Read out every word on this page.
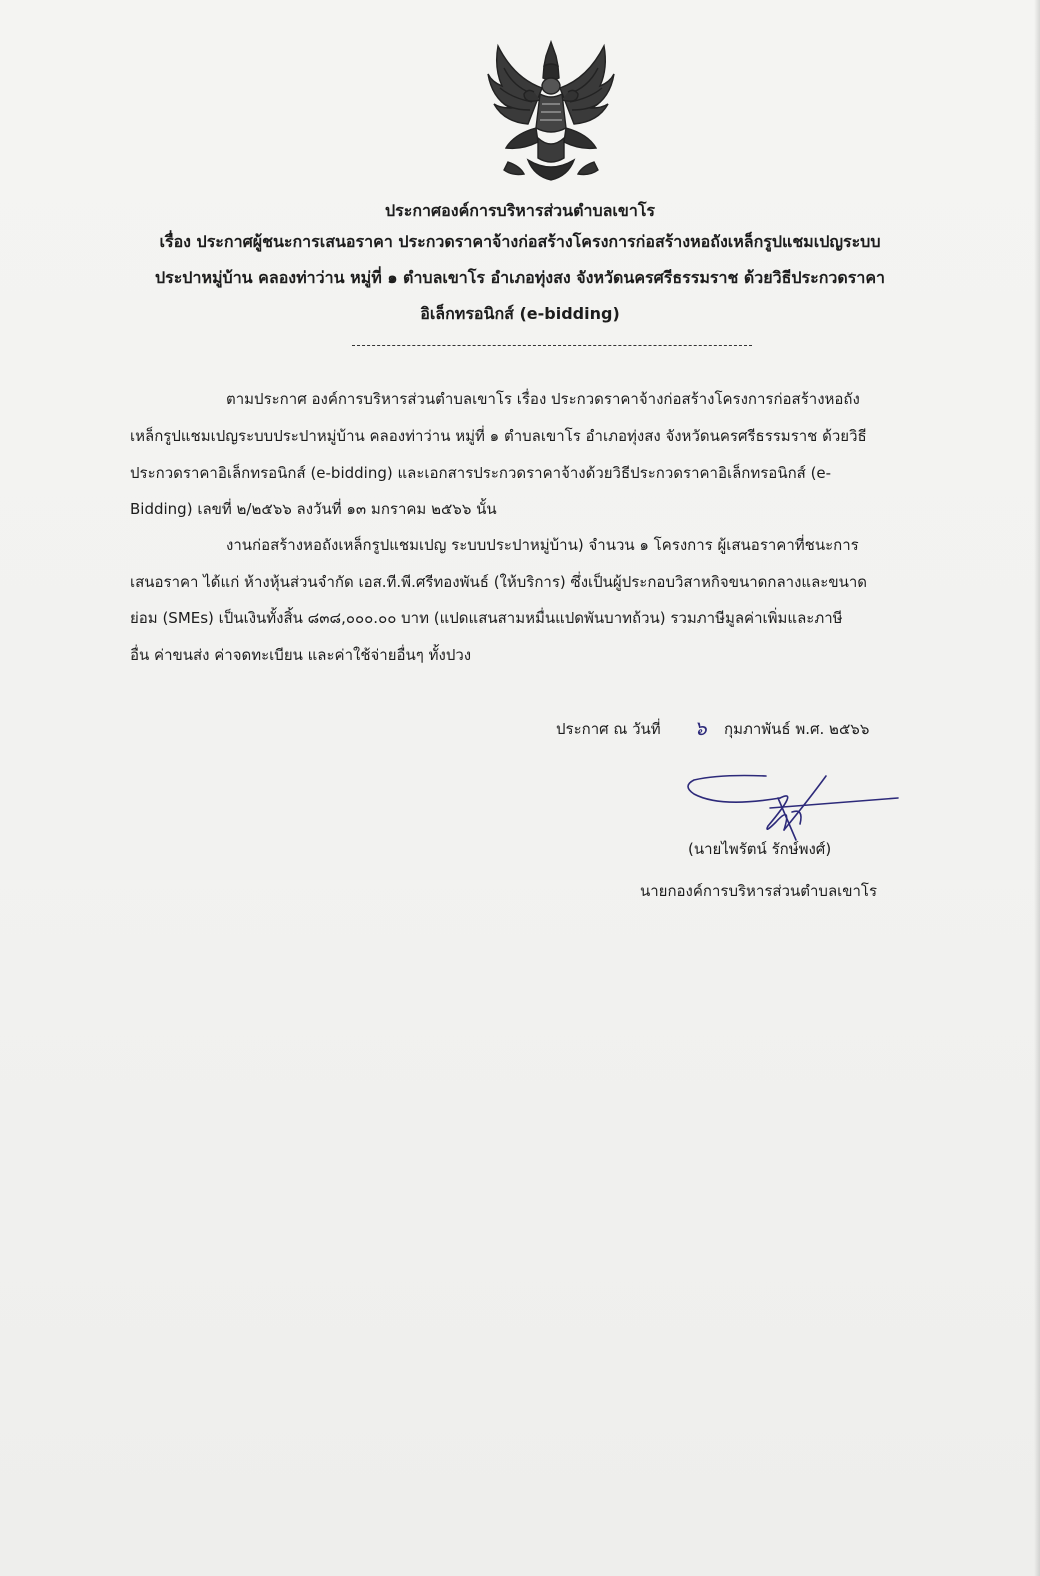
ประกาศองค์การบริหารส่วนตำบลเขาโร
เรื่อง ประกาศผู้ชนะการเสนอราคา ประกวดราคาจ้างก่อสร้างโครงการก่อสร้างหอถังเหล็กรูปแชมเปญระบบ
ประปาหมู่บ้าน คลองท่าว่าน หมู่ที่ ๑ ตำบลเขาโร อำเภอทุ่งสง จังหวัดนครศรีธรรมราช ด้วยวิธีประกวดราคา
อิเล็กทรอนิกส์ (e-bidding)
ตามประกาศ องค์การบริหารส่วนตำบลเขาโร เรื่อง ประกวดราคาจ้างก่อสร้างโครงการก่อสร้างหอถัง
เหล็กรูปแชมเปญระบบประปาหมู่บ้าน คลองท่าว่าน หมู่ที่ ๑ ตำบลเขาโร อำเภอทุ่งสง จังหวัดนครศรีธรรมราช ด้วยวิธี
ประกวดราคาอิเล็กทรอนิกส์ (e-bidding) และเอกสารประกวดราคาจ้างด้วยวิธีประกวดราคาอิเล็กทรอนิกส์ (e-
Bidding) เลขที่ ๒/๒๕๖๖ ลงวันที่ ๑๓ มกราคม ๒๕๖๖ นั้น
งานก่อสร้างหอถังเหล็กรูปแชมเปญ ระบบประปาหมู่บ้าน) จำนวน ๑ โครงการ ผู้เสนอราคาที่ชนะการ
เสนอราคา ได้แก่ ห้างหุ้นส่วนจำกัด เอส.ที.พี.ศรีทองพันธ์ (ให้บริการ) ซึ่งเป็นผู้ประกอบวิสาหกิจขนาดกลางและขนาด
ย่อม (SMEs) เป็นเงินทั้งสิ้น ๘๓๘,๐๐๐.๐๐ บาท (แปดแสนสามหมื่นแปดพันบาทถ้วน) รวมภาษีมูลค่าเพิ่มและภาษี
อื่น ค่าขนส่ง ค่าจดทะเบียน และค่าใช้จ่ายอื่นๆ ทั้งปวง
ประกาศ ณ วันที่ ๖	กุมภาพันธ์ พ.ศ. ๒๕๖๖
(นายไพรัตน์ รักษ์พงศ์)
นายกองค์การบริหารส่วนตำบลเขาโร
